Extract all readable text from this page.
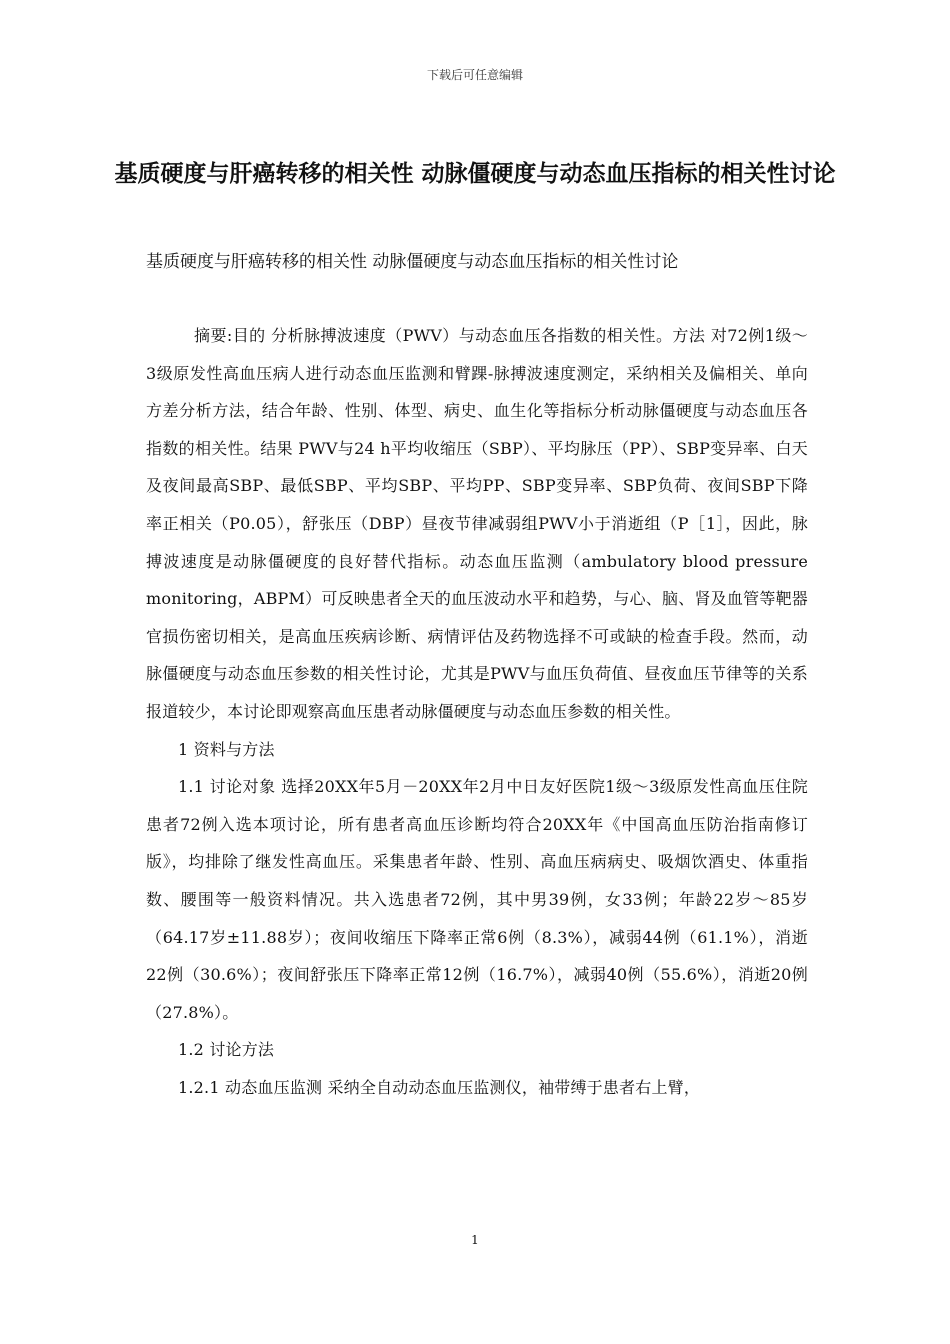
下载后可任意编辑
基质硬度与肝癌转移的相关性 动脉僵硬度与动态血压指标的相关性讨论

基质硬度与肝癌转移的相关性 动脉僵硬度与动态血压指标的相关性讨论

摘要:目的 分析脉搏波速度（PWV）与动态血压各指数的相关性。方法 对72例1级～3级原发性高血压病人进行动态血压监测和臂踝-脉搏波速度测定，采纳相关及偏相关、单向方差分析方法，结合年龄、性别、体型、病史、血生化等指标分析动脉僵硬度与动态血压各指数的相关性。结果 PWV与24 h平均收缩压（SBP）、平均脉压（PP）、SBP变异率、白天及夜间最高SBP、最低SBP、平均SBP、平均PP、SBP变异率、SBP负荷、夜间SBP下降率正相关（P0.05），舒张压（DBP）昼夜节律减弱组PWV小于消逝组（P［1］，因此，脉搏波速度是动脉僵硬度的良好替代指标。动态血压监测（ambulatory blood pressure monitoring，ABPM）可反映患者全天的血压波动水平和趋势，与心、脑、肾及血管等靶器官损伤密切相关，是高血压疾病诊断、病情评估及药物选择不可或缺的检查手段。然而，动脉僵硬度与动态血压参数的相关性讨论，尤其是PWV与血压负荷值、昼夜血压节律等的关系报道较少，本讨论即观察高血压患者动脉僵硬度与动态血压参数的相关性。

1 资料与方法

1.1 讨论对象 选择20XX年5月－20XX年2月中日友好医院1级～3级原发性高血压住院患者72例入选本项讨论，所有患者高血压诊断均符合20XX年《中国高血压防治指南修订版》，均排除了继发性高血压。采集患者年龄、性别、高血压病病史、吸烟饮酒史、体重指数、腰围等一般资料情况。共入选患者72例，其中男39例，女33例；年龄22岁～85岁（64.17岁±11.88岁）；夜间收缩压下降率正常6例（8.3%），减弱44例（61.1%），消逝22例（30.6%）；夜间舒张压下降率正常12例（16.7%），减弱40例（55.6%），消逝20例（27.8%）。

1.2 讨论方法

1.2.1 动态血压监测 采纳全自动动态血压监测仪，袖带缚于患者右上臂，

1
